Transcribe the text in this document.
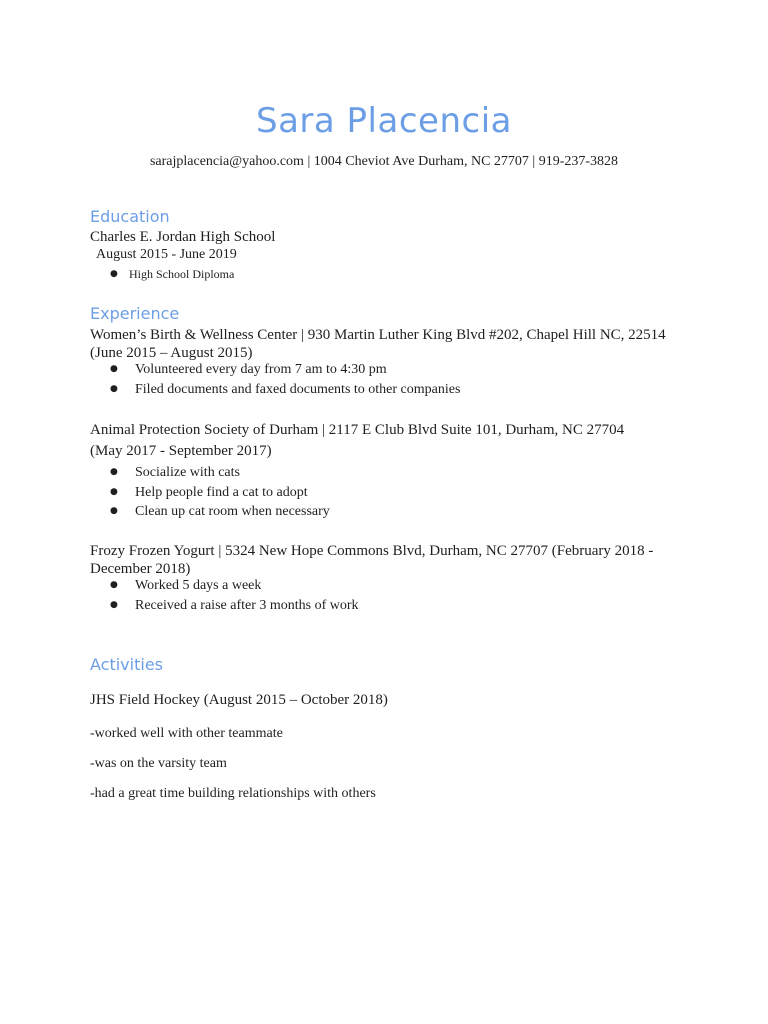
Sara Placencia
sarajplacencia@yahoo.com | 1004 Cheviot Ave Durham, NC 27707 | 919-237-3828
Education
Charles E. Jordan High School
August 2015 - June 2019
● High School Diploma
Experience
Women’s Birth & Wellness Center | 930 Martin Luther King Blvd #202, Chapel Hill NC, 22514 (June 2015 – August 2015)
● Volunteered every day from 7 am to 4:30 pm
● Filed documents and faxed documents to other companies
Animal Protection Society of Durham | 2117 E Club Blvd Suite 101, Durham, NC 27704
(May 2017 - September 2017)
● Socialize with cats
● Help people find a cat to adopt
● Clean up cat room when necessary
Frozy Frozen Yogurt | 5324 New Hope Commons Blvd, Durham, NC 27707 (February 2018 - December 2018)
● Worked 5 days a week
● Received a raise after 3 months of work
Activities
JHS Field Hockey (August 2015 – October 2018)
-worked well with other teammate
-was on the varsity team
-had a great time building relationships with others
